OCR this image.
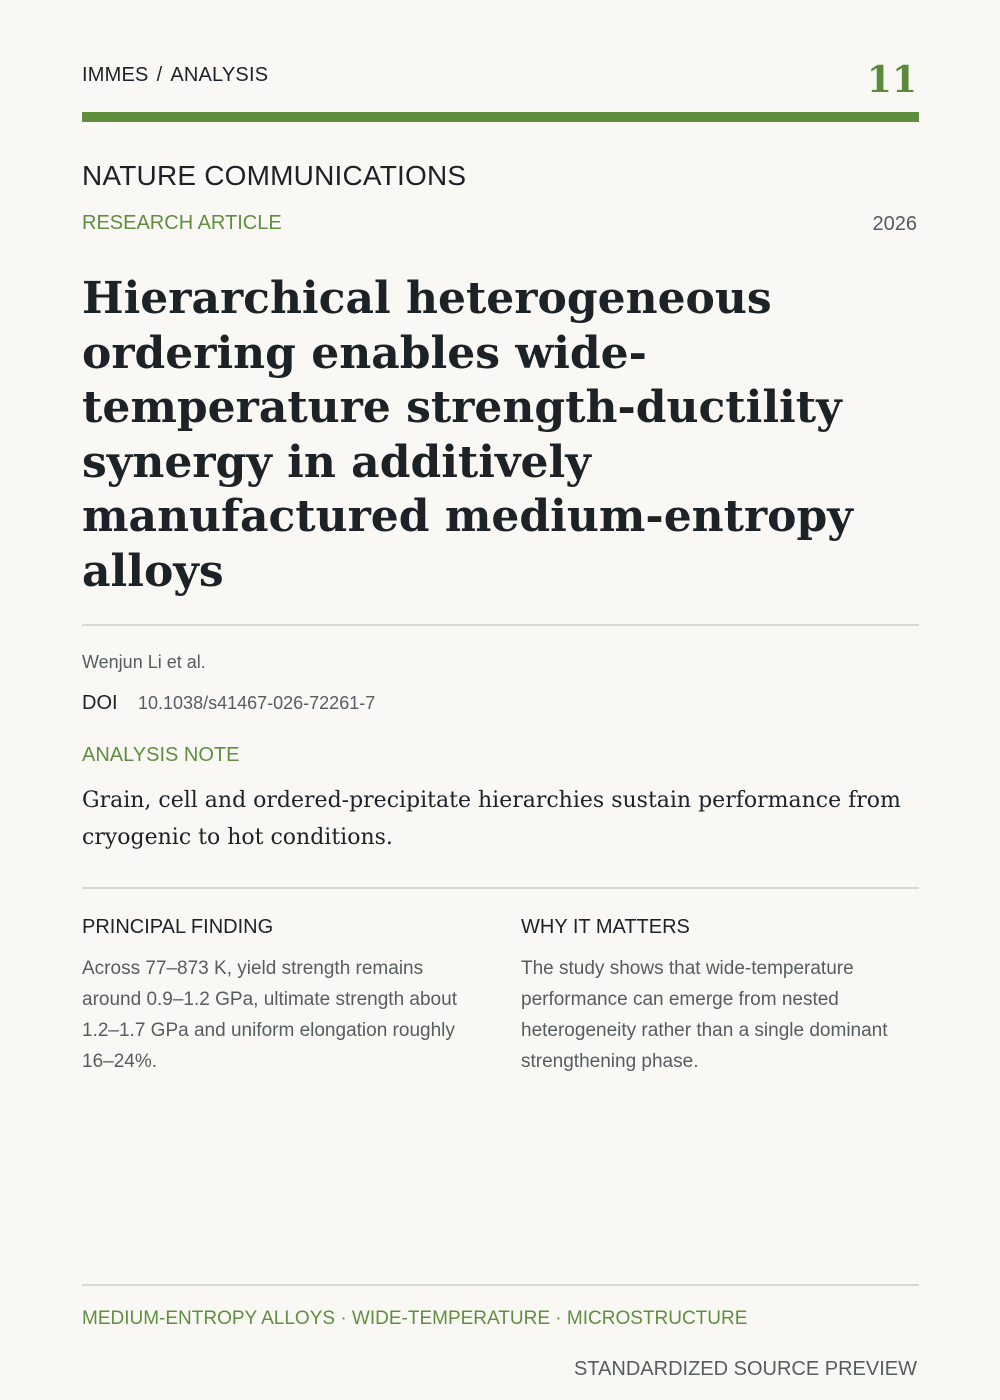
IMMES / ANALYSIS	11
NATURE COMMUNICATIONS
RESEARCH ARTICLE	2026
Hierarchical heterogeneous ordering enables wide-temperature strength-ductility synergy in additively manufactured medium-entropy alloys
Wenjun Li et al.
DOI 10.1038/s41467-026-72261-7
ANALYSIS NOTE

Grain, cell and ordered-precipitate hierarchies sustain performance from cryogenic to hot conditions.

PRINCIPAL FINDING

Across 77–873 K, yield strength remains around 0.9–1.2 GPa, ultimate strength about 1.2–1.7 GPa and uniform elongation roughly 16–24%.

WHY IT MATTERS

The study shows that wide-temperature performance can emerge from nested heterogeneity rather than a single dominant strengthening phase.

MEDIUM-ENTROPY ALLOYS · WIDE-TEMPERATURE · MICROSTRUCTURE
STANDARDIZED SOURCE PREVIEW
